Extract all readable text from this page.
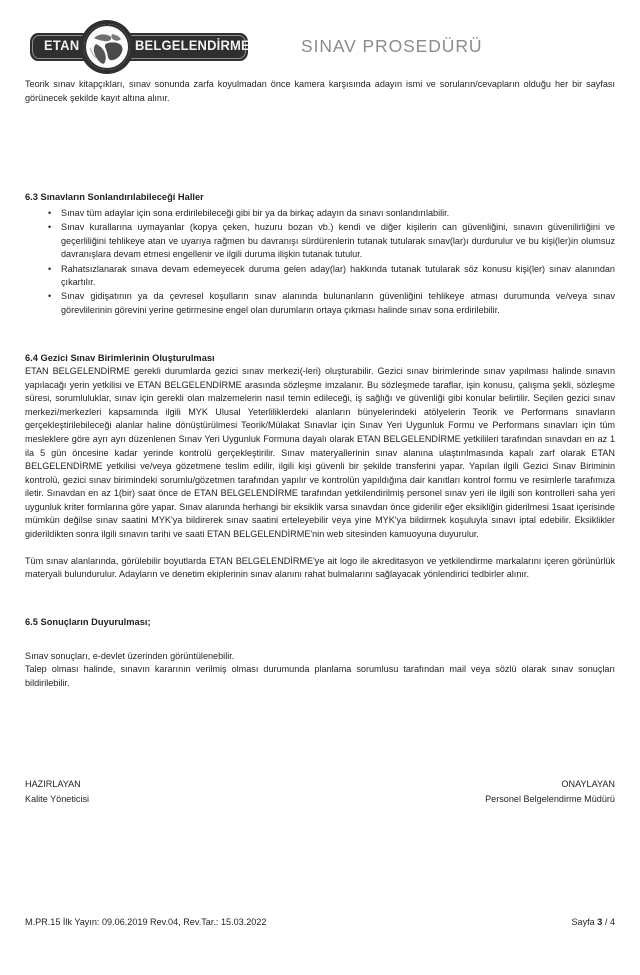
ETAN	BELGELENDİRME	SINAV PROSEDÜRÜ

Teorik sınav kitapçıkları, sınav sonunda zarfa koyulmadan önce kamera karşısında adayın ismi ve soruların/cevapların olduğu her bir sayfası görünecek şekilde kayıt altına alınır.

6.3 Sınavların Sonlandırılabileceği Haller
• Sınav tüm adaylar için sona erdirilebileceği gibi bir ya da birkaç adayın da sınavı sonlandırılabilir.
• Sınav kurallarına uymayanlar (kopya çeken, huzuru bozan vb.) kendi ve diğer kişilerin can güvenliğini, sınavın güvenilirliğini ve geçerliliğini tehlikeye atan ve uyarıya rağmen bu davranışı sürdürenlerin tutanak tutularak sınav(lar)ı durdurulur ve bu kişi(ler)in olumsuz davranışlara devam etmesi engellenir ve ilgili duruma ilişkin tutanak tutulur.
• Rahatsızlanarak sınava devam edemeyecek duruma gelen aday(lar) hakkında tutanak tutularak söz konusu kişi(ler) sınav alanından çıkartılır.
• Sınav gidişatının ya da çevresel koşulların sınav alanında bulunanların güvenliğini tehlikeye atması durumunda ve/veya sınav görevlilerinin görevini yerine getirmesine engel olan durumların ortaya çıkması halinde sınav sona erdirilebilir.
6.4 Gezici Sınav Birimlerinin Oluşturulması

ETAN BELGELENDİRME gerekli durumlarda gezici sınav merkezi(-leri) oluşturabilir. Gezici sınav birimlerinde sınav yapılması halinde sınavın yapılacağı yerin yetkilisi ve ETAN BELGELENDİRME arasında sözleşme imzalanır. Bu sözleşmede taraflar, işin konusu, çalışma şekli, sözleşme süresi, sorumluluklar, sınav için gerekli olan malzemelerin nasıl temin edileceği, iş sağlığı ve güvenliği gibi konular belirtilir. Seçilen gezici sınav merkezi/merkezleri kapsamında ilgili MYK Ulusal Yeterliliklerdeki alanların bünyelerindeki atölyelerin Teorik ve Performans sınavların gerçekleştirilebileceği alanlar haline dönüştürülmesi Teorik/Mülakat Sınavlar için Sınav Yeri Uygunluk Formu ve Performans sınavları için tüm mesleklere göre ayrı ayrı düzenlenen Sınav Yeri Uygunluk Formuna dayalı olarak ETAN BELGELENDİRME yetkilileri tarafından sınavdan en az 1 ila 5 gün öncesine kadar yerinde kontrolü gerçekleştirilir. Sınav materyallerinin sınav alanına ulaştırılmasında kapalı zarf olarak ETAN BELGELENDİRME yetkilisi ve/veya gözetmene teslim edilir, ilgili kişi güvenli bir şekilde transferini yapar. Yapılan ilgili Gezici Sınav Biriminin kontrolü, gezici sınav birimindeki sorumlu/gözetmen tarafından yapılır ve kontrolün yapıldığına dair kanıtları kontrol formu ve resimlerle tarafımıza iletir. Sınavdan en az 1(bir) saat önce de ETAN BELGELENDİRME tarafından yetkilendirilmiş personel sınav yeri ile ilgili son kontrolleri saha yeri uygunluk kriter formlarına göre yapar. Sınav alanında herhangi bir eksiklik varsa sınavdan önce giderilir eğer eksikliğin giderilmesi 1saat içerisinde mümkün değilse sınav saatini MYK'ya bildirerek sınav saatini erteleyebilir veya yine MYK'ya bildirmek koşuluyla sınavı iptal edebilir. Eksiklikler giderildikten sonra ilgili sınavın tarihi ve saati ETAN BELGELENDİRME'nin web sitesinden kamuoyuna duyurulur.

Tüm sınav alanlarında, görülebilir boyutlarda ETAN BELGELENDİRME'ye ait logo ile akreditasyon ve yetkilendirme markalarını içeren görünürlük materyali bulundurulur. Adayların ve denetim ekiplerinin sınav alanını rahat bulmalarını sağlayacak yönlendirici tedbirler alınır.

6.5 Sonuçların Duyurulması;

Sınav sonuçları, e-devlet üzerinden görüntülenebilir.

Talep olması halinde, sınavın kararının verilmiş olması durumunda planlama sorumlusu tarafından mail veya sözlü olarak sınav sonuçları bildirilebilir.

HAZIRLAYAN
Kalite Yöneticisi
ONAYLAYAN
Personel Belgelendirme Müdürü
M.PR.15 İlk Yayın: 09.06.2019 Rev.04, Rev.Tar.: 15.03.2022	Sayfa 3 / 4
